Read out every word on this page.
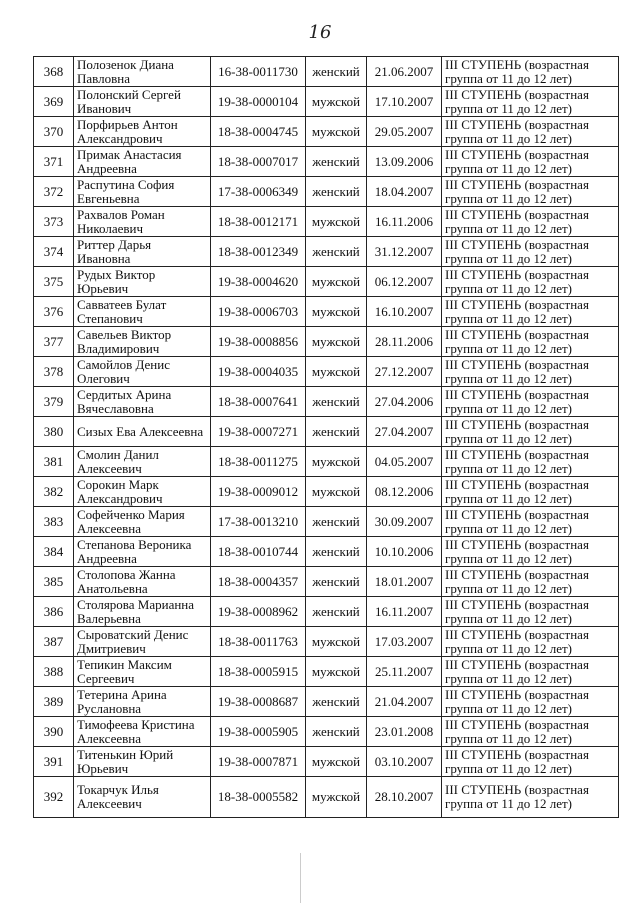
16
368	Полозенок Диана Павловна	16-38-0011730	женский	21.06.2007	III СТУПЕНЬ (возрастная группа от 11 до 12 лет)
369	Полонский Сергей Иванович	19-38-0000104	мужской	17.10.2007	III СТУПЕНЬ (возрастная группа от 11 до 12 лет)
370	Порфирьев Антон Александрович	18-38-0004745	мужской	29.05.2007	III СТУПЕНЬ (возрастная группа от 11 до 12 лет)
371	Примак Анастасия Андреевна	18-38-0007017	женский	13.09.2006	III СТУПЕНЬ (возрастная группа от 11 до 12 лет)
372	Распутина София Евгеньевна	17-38-0006349	женский	18.04.2007	III СТУПЕНЬ (возрастная группа от 11 до 12 лет)
373	Рахвалов Роман Николаевич	18-38-0012171	мужской	16.11.2006	III СТУПЕНЬ (возрастная группа от 11 до 12 лет)
374	Риттер Дарья Ивановна	18-38-0012349	женский	31.12.2007	III СТУПЕНЬ (возрастная группа от 11 до 12 лет)
375	Рудых Виктор Юрьевич	19-38-0004620	мужской	06.12.2007	III СТУПЕНЬ (возрастная группа от 11 до 12 лет)
376	Савватеев Булат Степанович	19-38-0006703	мужской	16.10.2007	III СТУПЕНЬ (возрастная группа от 11 до 12 лет)
377	Савельев Виктор Владимирович	19-38-0008856	мужской	28.11.2006	III СТУПЕНЬ (возрастная группа от 11 до 12 лет)
378	Самойлов Денис Олегович	19-38-0004035	мужской	27.12.2007	III СТУПЕНЬ (возрастная группа от 11 до 12 лет)
379	Сердитых Арина Вячеславовна	18-38-0007641	женский	27.04.2006	III СТУПЕНЬ (возрастная группа от 11 до 12 лет)
380	Сизых Ева Алексеевна	19-38-0007271	женский	27.04.2007	III СТУПЕНЬ (возрастная группа от 11 до 12 лет)
381	Смолин Данил Алексеевич	18-38-0011275	мужской	04.05.2007	III СТУПЕНЬ (возрастная группа от 11 до 12 лет)
382	Сорокин Марк Александрович	19-38-0009012	мужской	08.12.2006	III СТУПЕНЬ (возрастная группа от 11 до 12 лет)
383	Софейченко Мария Алексеевна	17-38-0013210	женский	30.09.2007	III СТУПЕНЬ (возрастная группа от 11 до 12 лет)
384	Степанова Вероника Андреевна	18-38-0010744	женский	10.10.2006	III СТУПЕНЬ (возрастная группа от 11 до 12 лет)
385	Столопова Жанна Анатольевна	18-38-0004357	женский	18.01.2007	III СТУПЕНЬ (возрастная группа от 11 до 12 лет)
386	Столярова Марианна Валерьевна	19-38-0008962	женский	16.11.2007	III СТУПЕНЬ (возрастная группа от 11 до 12 лет)
387	Сыроватский Денис Дмитриевич	18-38-0011763	мужской	17.03.2007	III СТУПЕНЬ (возрастная группа от 11 до 12 лет)
388	Тепикин Максим Сергеевич	18-38-0005915	мужской	25.11.2007	III СТУПЕНЬ (возрастная группа от 11 до 12 лет)
389	Тетерина Арина Руслановна	19-38-0008687	женский	21.04.2007	III СТУПЕНЬ (возрастная группа от 11 до 12 лет)
390	Тимофеева Кристина Алексеевна	19-38-0005905	женский	23.01.2008	III СТУПЕНЬ (возрастная группа от 11 до 12 лет)
391	Титенькин Юрий Юрьевич	19-38-0007871	мужской	03.10.2007	III СТУПЕНЬ (возрастная группа от 11 до 12 лет)
392	Токарчук Илья Алексеевич	18-38-0005582	мужской	28.10.2007	III СТУПЕНЬ (возрастная группа от 11 до 12 лет)
